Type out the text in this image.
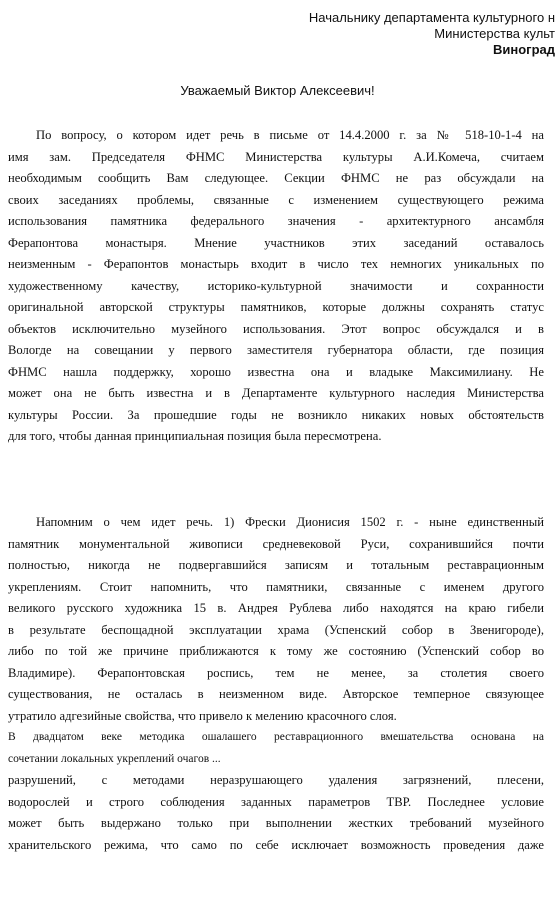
Начальнику департамента культурного н
Министерства культ
Виноград
Уважаемый Виктор Алексеевич!
По вопросу, о котором идет речь в письме от 14.4.2000 г. за № 518-10-1-4 на
имя зам. Председателя ФНМС Министерства культуры А.И.Комеча, считаем
необходимым сообщить Вам следующее. Секции ФНМС не раз обсуждали на
своих заседаниях проблемы, связанные с изменением существующего режима
использования памятника федерального значения - архитектурного ансамбля
Ферапонтова монастыря. Мнение участников этих заседаний оставалось
неизменным - Ферапонтов монастырь входит в число тех немногих уникальных по
художественному качеству, историко-культурной значимости и сохранности
оригинальной авторской структуры памятников, которые должны сохранять статус
объектов исключительно музейного использования. Этот вопрос обсуждался и в
Вологде на совещании у первого заместителя губернатора области, где позиция
ФНМС нашла поддержку, хорошо известна она и владыке Максимилиану. Не
может она не быть известна и в Департаменте культурного наследия Министерства
культуры России. За прошедшие годы не возникло никаких новых обстоятельств
для того, чтобы данная принципиальная позиция была пересмотрена.
Напомним о чем идет речь. 1) Фрески Дионисия 1502 г. - ныне единственный
памятник монументальной живописи средневековой Руси, сохранившийся почти
полностью, никогда не подвергавшийся записям и тотальным реставрационным
укреплениям. Стоит напомнить, что памятники, связанные с именем другого
великого русского художника 15 в. Андрея Рублева либо находятся на краю гибели
в результате беспощадной эксплуатации храма (Успенский собор в Звенигороде),
либо по той же причине приближаются к тому же состоянию (Успенский собор во
Владимире). Ферапонтовская роспись, тем не менее, за столетия своего
существования, не осталась в неизменном виде. Авторское темперное связующее
утратило адгезийные свойства, что привело к мелению красочного слоя.
В двадцатом веке методика ошалашего реставрационного вмешательства основана на
сочетании локальных укреплений очагов ...
разрушений, с методами неразрушающего удаления загрязнений, плесени,
водорослей и строго соблюдения заданных параметров ТВР. Последнее условие
может быть выдержано только при выполнении жестких требований музейного
хранительского режима, что само по себе исключает возможность проведения даже
